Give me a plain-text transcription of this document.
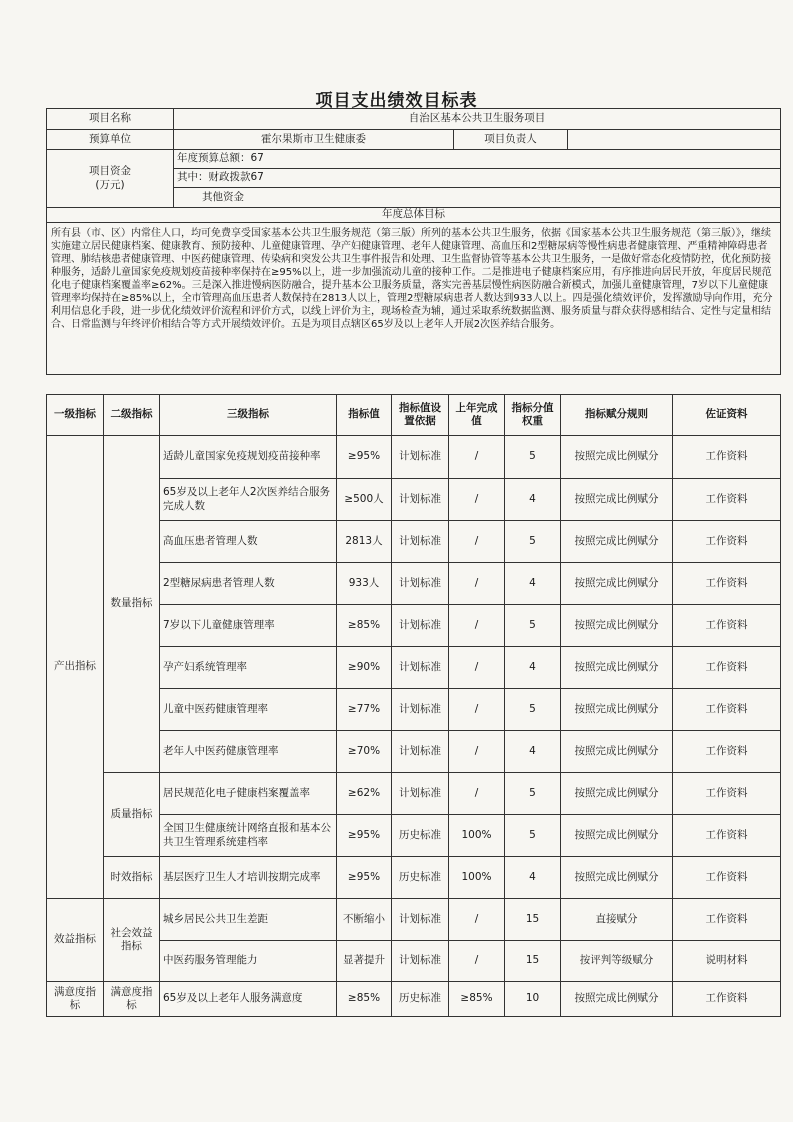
项目支出绩效目标表
项目名称	自治区基本公共卫生服务项目		
预算单位	霍尔果斯市卫生健康委	项目负责人	
项目资金
(万元)	年度预算总额：67		
	其中：财政拨款67		
	其他资金		
年度总体目标			
所有县（市、区）内常住人口，均可免费享受国家基本公共卫生服务规范（第三版）所列的基本公共卫生服务，依据《国家基本公共卫生服务规范（第三版）》，继续实施建立居民健康档案、健康教育、预防接种、儿童健康管理、孕产妇健康管理、老年人健康管理、高血压和2型糖尿病等慢性病患者健康管理、严重精神障碍患者管理、肺结核患者健康管理、中医药健康管理、传染病和突发公共卫生事件报告和处理、卫生监督协管等基本公共卫生服务，一是做好常态化疫情防控，优化预防接种服务，适龄儿童国家免疫规划疫苗接种率保持在≥95%以上，进一步加强流动儿童的接种工作。二是推进电子健康档案应用，有序推进向居民开放，年度居民规范化电子健康档案覆盖率≥62%。三是深入推进慢病医防融合，提升基本公卫服务质量，落实完善基层慢性病医防融合新模式，加强儿童健康管理，7岁以下儿童健康管理率均保持在≥85%以上，全市管理高血压患者人数保持在2813人以上，管理2型糖尿病患者人数达到933人以上。四是强化绩效评价，发挥激励导向作用，充分利用信息化手段，进一步优化绩效评价流程和评价方式，以线上评价为主，现场检查为辅，通过采取系统数据监测、服务质量与群众获得感相结合、定性与定量相结合、日常监测与年终评价相结合等方式开展绩效评价。五是为项目点辖区65岁及以上老年人开展2次医养结合服务。			
一级指标	二级指标	三级指标	指标值	指标值设置依据	上年完成值	指标分值权重	指标赋分规则	佐证资料
产出指标	数量指标	适龄儿童国家免疫规划疫苗接种率	≥95%	计划标准	/	5	按照完成比例赋分	工作资料
		65岁及以上老年人2次医养结合服务完成人数	≥500人	计划标准	/	4	按照完成比例赋分	工作资料
		高血压患者管理人数	2813人	计划标准	/	5	按照完成比例赋分	工作资料
		2型糖尿病患者管理人数	933人	计划标准	/	4	按照完成比例赋分	工作资料
		7岁以下儿童健康管理率	≥85%	计划标准	/	5	按照完成比例赋分	工作资料
		孕产妇系统管理率	≥90%	计划标准	/	4	按照完成比例赋分	工作资料
		儿童中医药健康管理率	≥77%	计划标准	/	5	按照完成比例赋分	工作资料
		老年人中医药健康管理率	≥70%	计划标准	/	4	按照完成比例赋分	工作资料
	质量指标	居民规范化电子健康档案覆盖率	≥62%	计划标准	/	5	按照完成比例赋分	工作资料
		全国卫生健康统计网络直报和基本公共卫生管理系统建档率	≥95%	历史标准	100%	5	按照完成比例赋分	工作资料
	时效指标	基层医疗卫生人才培训按期完成率	≥95%	历史标准	100%	4	按照完成比例赋分	工作资料
效益指标	社会效益指标	城乡居民公共卫生差距	不断缩小	计划标准	/	15	直接赋分	工作资料
		中医药服务管理能力	显著提升	计划标准	/	15	按评判等级赋分	说明材料
满意度指标	满意度指标	65岁及以上老年人服务满意度	≥85%	历史标准	≥85%	10	按照完成比例赋分	工作资料
